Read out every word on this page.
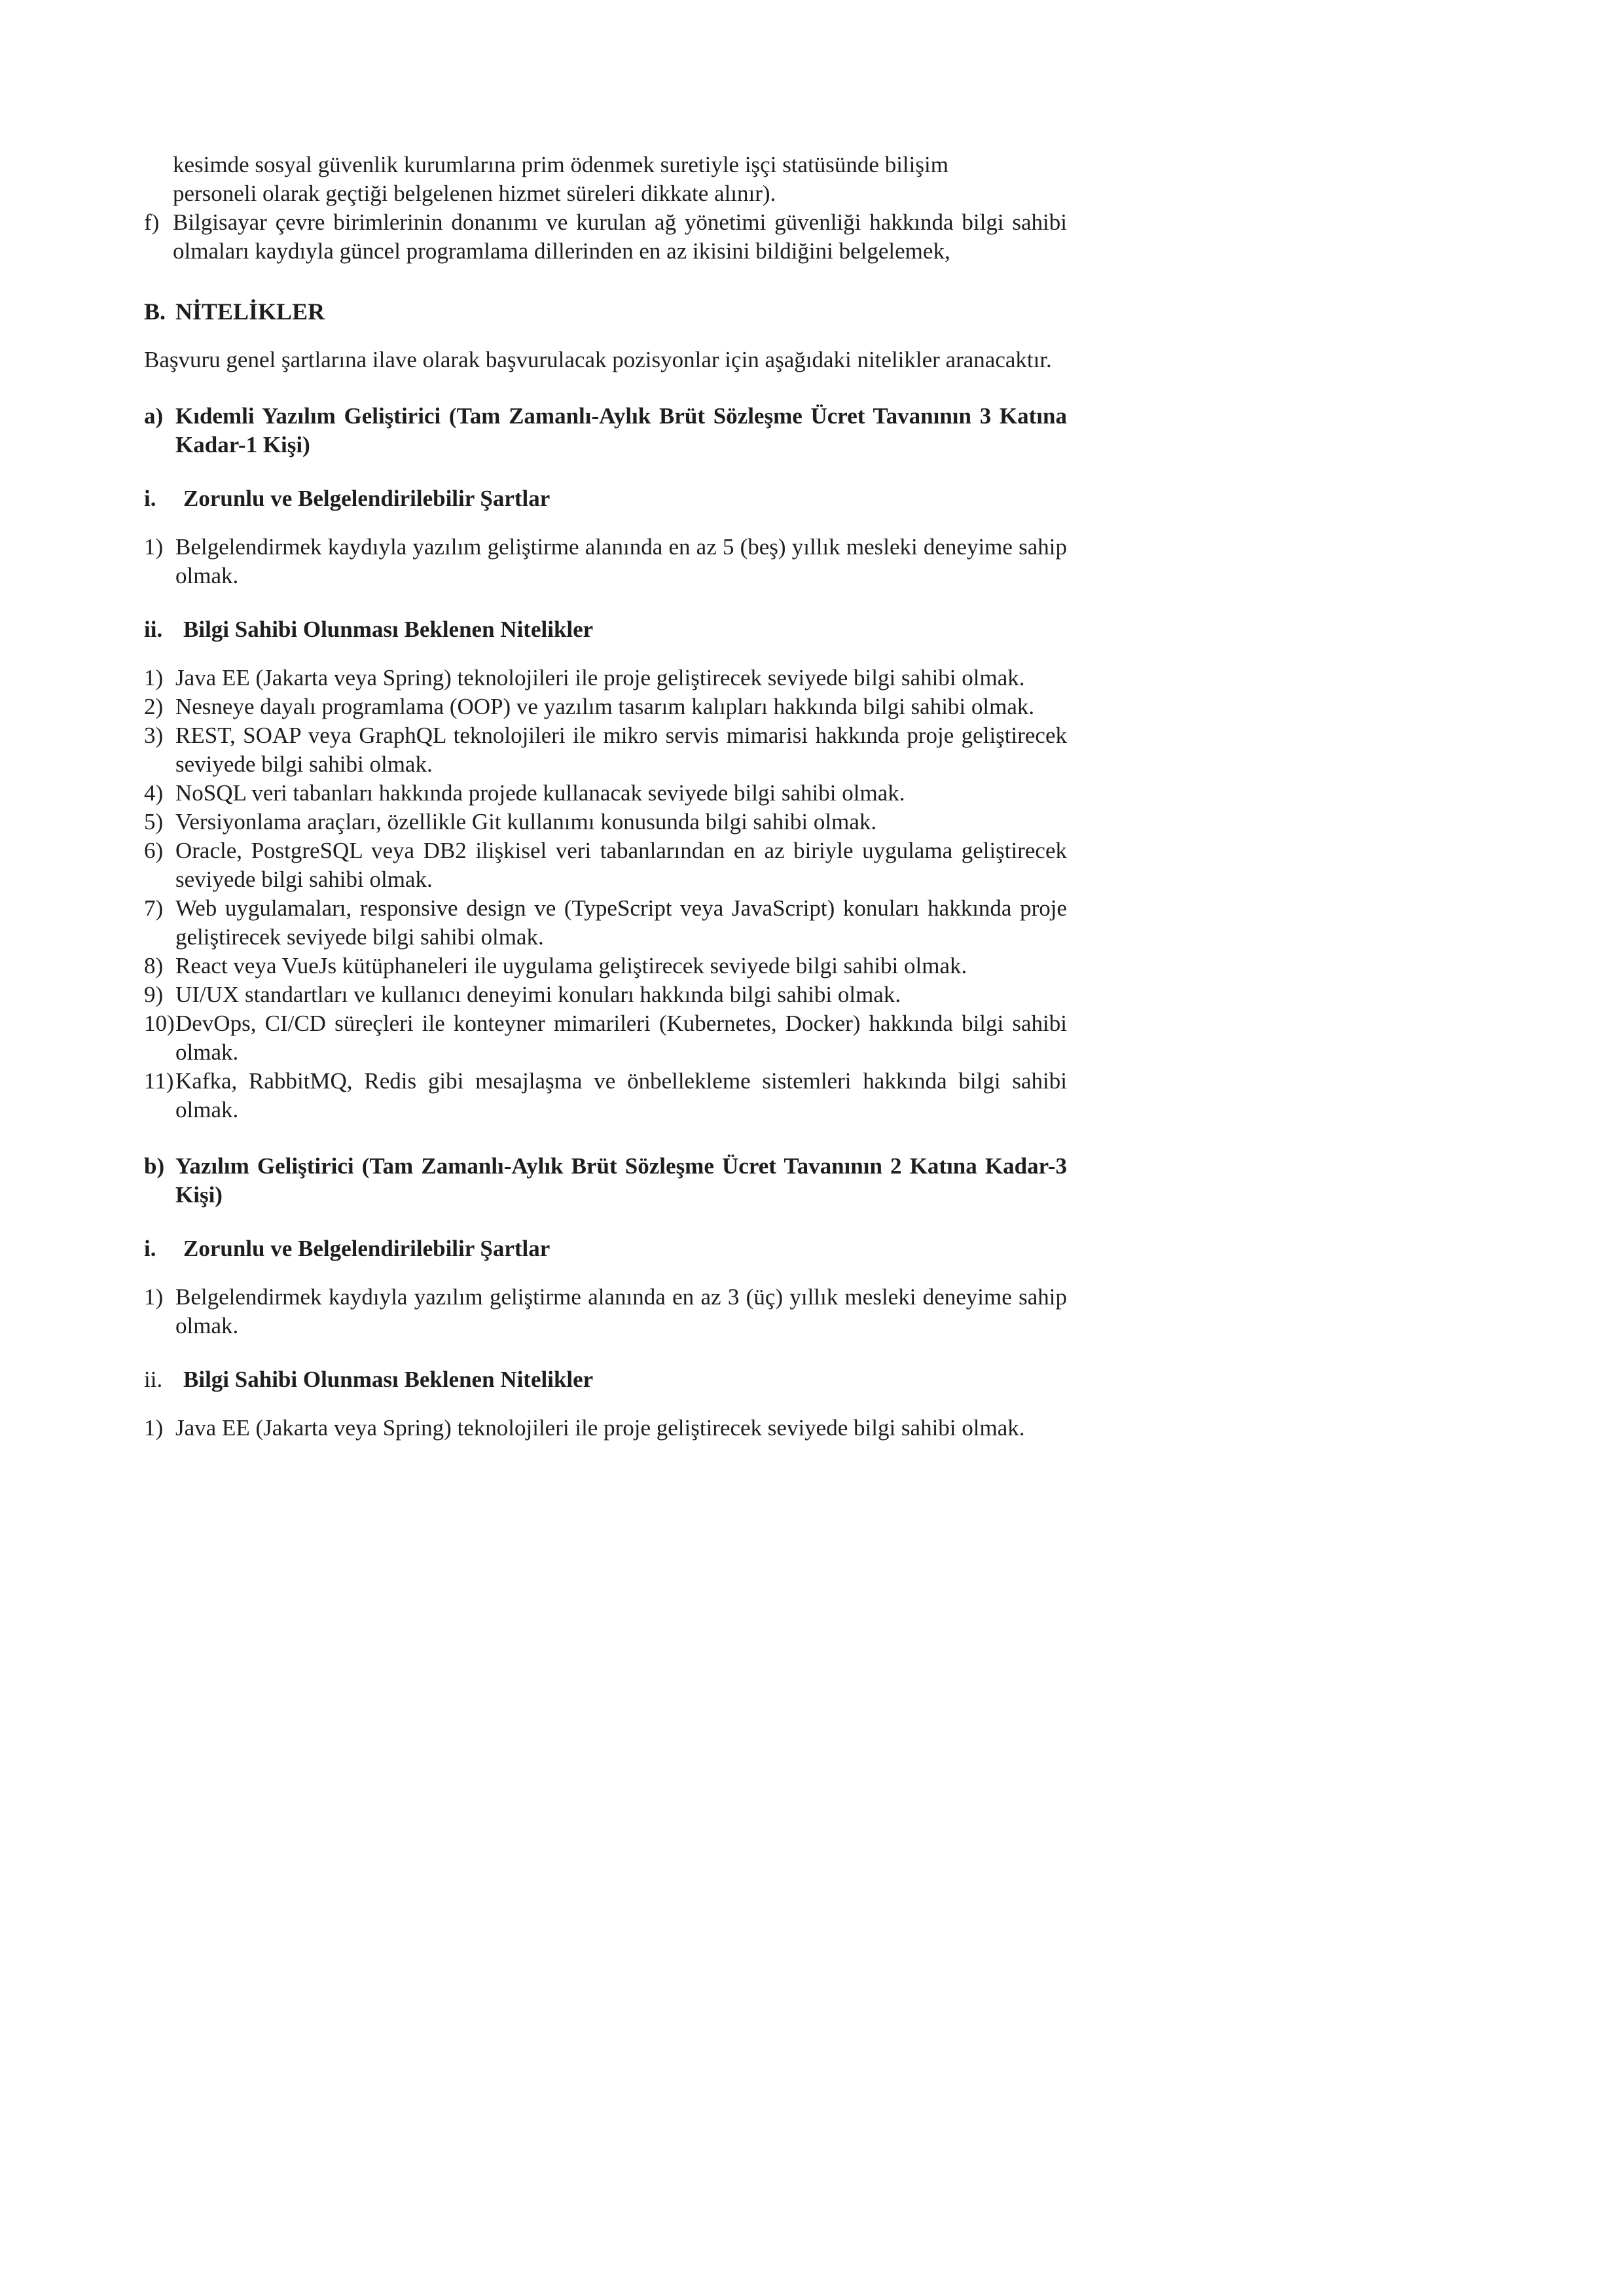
kesimde sosyal güvenlik kurumlarına prim ödenmek suretiyle işçi statüsünde bilişim

personeli olarak geçtiği belgelenen hizmet süreleri dikkate alınır).

f) Bilgisayar çevre birimlerinin donanımı ve kurulan ağ yönetimi güvenliği hakkında bilgi sahibi olmaları kaydıyla güncel programlama dillerinden en az ikisini bildiğini belgelemek,
B. NİTELİKLER

Başvuru genel şartlarına ilave olarak başvurulacak pozisyonlar için aşağıdaki nitelikler aranacaktır.

a) Kıdemli Yazılım Geliştirici (Tam Zamanlı-Aylık Brüt Sözleşme Ücret Tavanının 3 Katına Kadar-1 Kişi)
i.	Zorunlu ve Belgelendirilebilir Şartlar
1) Belgelendirmek kaydıyla yazılım geliştirme alanında en az 5 (beş) yıllık mesleki deneyime sahip olmak.
ii. Bilgi Sahibi Olunması Beklenen Nitelikler
1) Java EE (Jakarta veya Spring) teknolojileri ile proje geliştirecek seviyede bilgi sahibi olmak.
2) Nesneye dayalı programlama (OOP) ve yazılım tasarım kalıpları hakkında bilgi sahibi olmak.
3) REST, SOAP veya GraphQL teknolojileri ile mikro servis mimarisi hakkında proje geliştirecek seviyede bilgi sahibi olmak.
4) NoSQL veri tabanları hakkında projede kullanacak seviyede bilgi sahibi olmak.
5) Versiyonlama araçları, özellikle Git kullanımı konusunda bilgi sahibi olmak.
6) Oracle, PostgreSQL veya DB2 ilişkisel veri tabanlarından en az biriyle uygulama geliştirecek seviyede bilgi sahibi olmak.
7) Web uygulamaları, responsive design ve (TypeScript veya JavaScript) konuları hakkında proje geliştirecek seviyede bilgi sahibi olmak.
8) React veya VueJs kütüphaneleri ile uygulama geliştirecek seviyede bilgi sahibi olmak.
9) UI/UX standartları ve kullanıcı deneyimi konuları hakkında bilgi sahibi olmak.
10) DevOps, CI/CD süreçleri ile konteyner mimarileri (Kubernetes, Docker) hakkında bilgi sahibi olmak.
11) Kafka, RabbitMQ, Redis gibi mesajlaşma ve önbellekleme sistemleri hakkında bilgi sahibi olmak.
b) Yazılım Geliştirici (Tam Zamanlı-Aylık Brüt Sözleşme Ücret Tavanının 2 Katına Kadar-3 Kişi)
i.	Zorunlu ve Belgelendirilebilir Şartlar
1) Belgelendirmek kaydıyla yazılım geliştirme alanında en az 3 (üç) yıllık mesleki deneyime sahip olmak.
ii. Bilgi Sahibi Olunması Beklenen Nitelikler
1) Java EE (Jakarta veya Spring) teknolojileri ile proje geliştirecek seviyede bilgi sahibi olmak.
